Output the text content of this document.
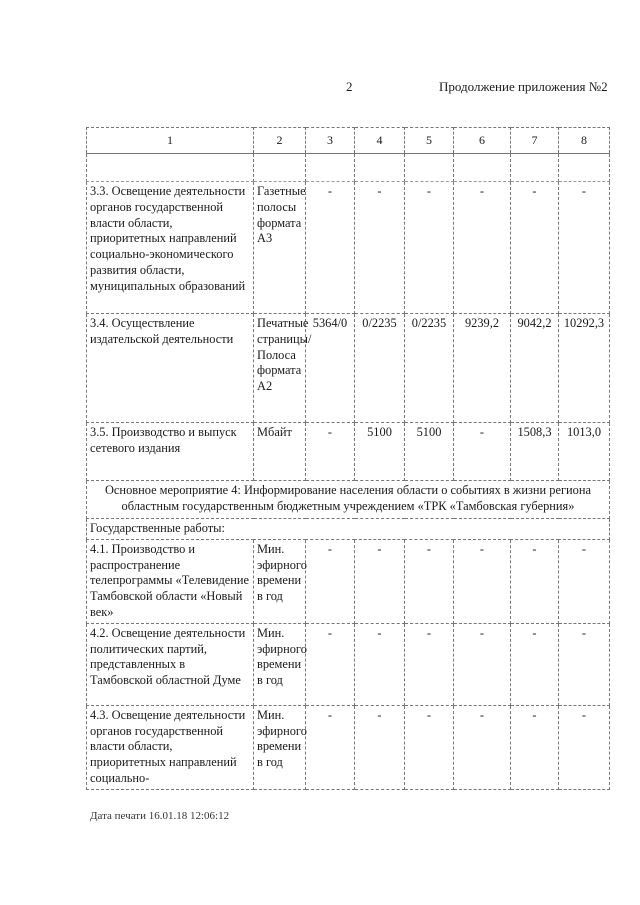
2	Продолжение приложения №2
1	2	3	4	5	6	7	8

3.3. Освещение деятельности органов государственной власти области, приоритетных направлений социально-экономического развития области, муниципальных образований	Газетные полосы формата А3	-	-	-	-	-	-
3.4. Осуществление издательской деятельности	Печатные страницы/ Полоса формата А2	5364/0	0/2235	0/2235	9239,2	9042,2	10292,3
3.5. Производство и выпуск сетевого издания	Мбайт	-	5100	5100	-	1508,3	1013,0
Основное мероприятие 4: Информирование населения области о событиях в жизни региона областным государственным бюджетным учреждением «ТРК «Тамбовская губерния»							
Государственные работы:							
4.1. Производство и распространение телепрограммы «Телевидение Тамбовской области «Новый век»	Мин. эфирного времени в год	-	-	-	-	-	-
4.2. Освещение деятельности политических партий, представленных в Тамбовской областной Думе	Мин. эфирного времени в год	-	-	-	-	-	-
4.3. Освещение деятельности органов государственной власти области, приоритетных направлений социально-	Мин. эфирного времени в год	-	-	-	-	-	-
Дата печати 16.01.18 12:06:12
